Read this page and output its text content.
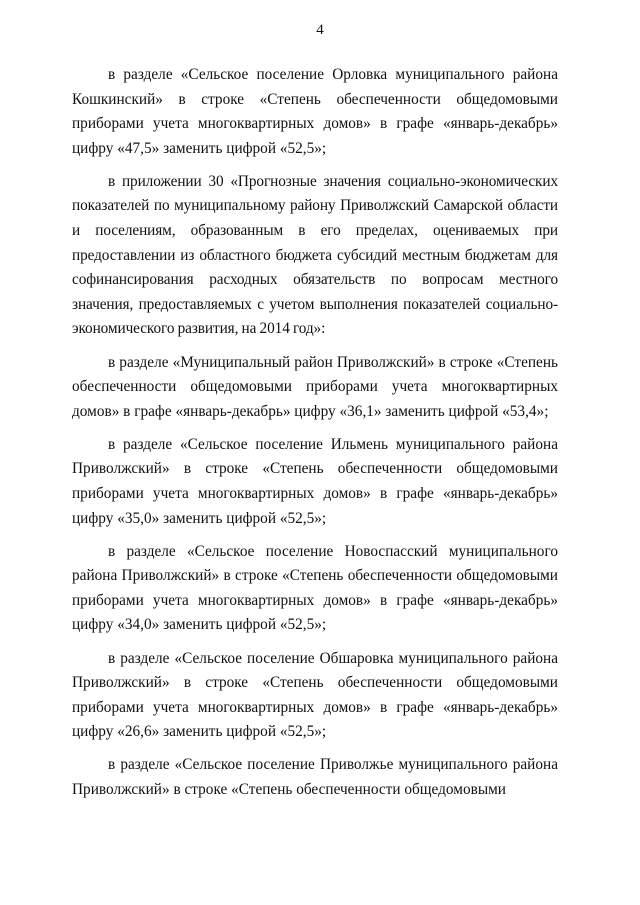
4

в разделе «Сельское поселение Орловка муниципального района Кошкинский» в строке «Степень обеспеченности общедомовыми приборами учета многоквартирных домов» в графе «январь-декабрь» цифру «47,5» заменить цифрой «52,5»;

в приложении 30 «Прогнозные значения социально-экономических показателей по муниципальному району Приволжский Самарской области и поселениям, образованным в его пределах, оцениваемых при предоставлении из областного бюджета субсидий местным бюджетам для софинансирования расходных обязательств по вопросам местного значения, предоставляемых с учетом выполнения показателей социально-экономического развития, на 2014 год»:

в разделе «Муниципальный район Приволжский» в строке «Степень обеспеченности общедомовыми приборами учета многоквартирных домов» в графе «январь-декабрь» цифру «36,1» заменить цифрой «53,4»;

в разделе «Сельское поселение Ильмень муниципального района Приволжский» в строке «Степень обеспеченности общедомовыми приборами учета многоквартирных домов» в графе «январь-декабрь» цифру «35,0» заменить цифрой «52,5»;

в разделе «Сельское поселение Новоспасский муниципального района Приволжский» в строке «Степень обеспеченности общедомовыми приборами учета многоквартирных домов» в графе «январь-декабрь» цифру «34,0» заменить цифрой «52,5»;

в разделе «Сельское поселение Обшаровка муниципального района Приволжский» в строке «Степень обеспеченности общедомовыми приборами учета многоквартирных домов» в графе «январь-декабрь» цифру «26,6» заменить цифрой «52,5»;

в разделе «Сельское поселение Приволжье муниципального района Приволжский» в строке «Степень обеспеченности общедомовыми
